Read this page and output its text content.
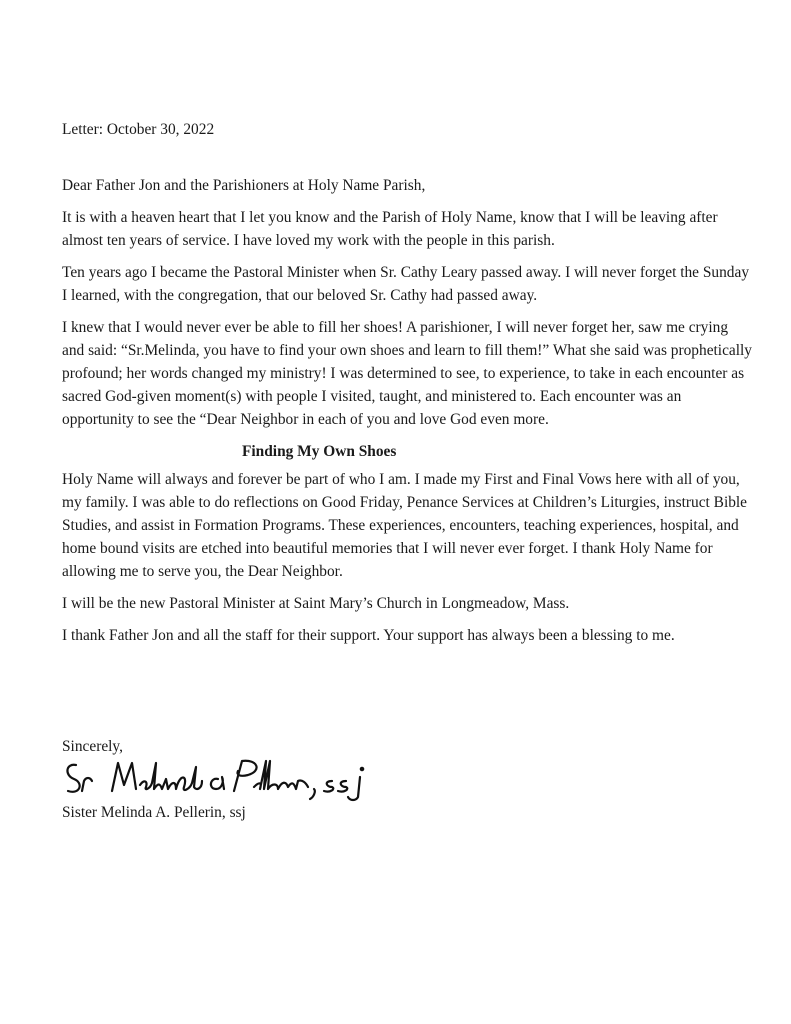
Letter: October 30, 2022

Dear Father Jon and the Parishioners at Holy Name Parish,

It is with a heaven heart that I let you know and the Parish of Holy Name, know that I will be leaving after almost ten years of service. I have loved my work with the people in this parish.

Ten years ago I became the Pastoral Minister when Sr. Cathy Leary passed away. I will never forget the Sunday I learned, with the congregation, that our beloved Sr. Cathy had passed away.

I knew that I would never ever be able to fill her shoes! A parishioner, I will never forget her, saw me crying and said: “Sr.Melinda, you have to find your own shoes and learn to fill them!” What she said was prophetically profound; her words changed my ministry! I was determined to see, to experience, to take in each encounter as sacred God-given moment(s) with people I visited, taught, and ministered to. Each encounter was an opportunity to see the “Dear Neighbor in each of you and love God even more.

Finding My Own Shoes

Holy Name will always and forever be part of who I am. I made my First and Final Vows here with all of you, my family. I was able to do reflections on Good Friday, Penance Services at Children’s Liturgies, instruct Bible Studies, and assist in Formation Programs. These experiences, encounters, teaching experiences, hospital, and home bound visits are etched into beautiful memories that I will never ever forget. I thank Holy Name for allowing me to serve you, the Dear Neighbor.

I will be the new Pastoral Minister at Saint Mary’s Church in Longmeadow, Mass.

I thank Father Jon and all the staff for their support. Your support has always been a blessing to me.

Sincerely,
Sister Melinda A. Pellerin, ssj
